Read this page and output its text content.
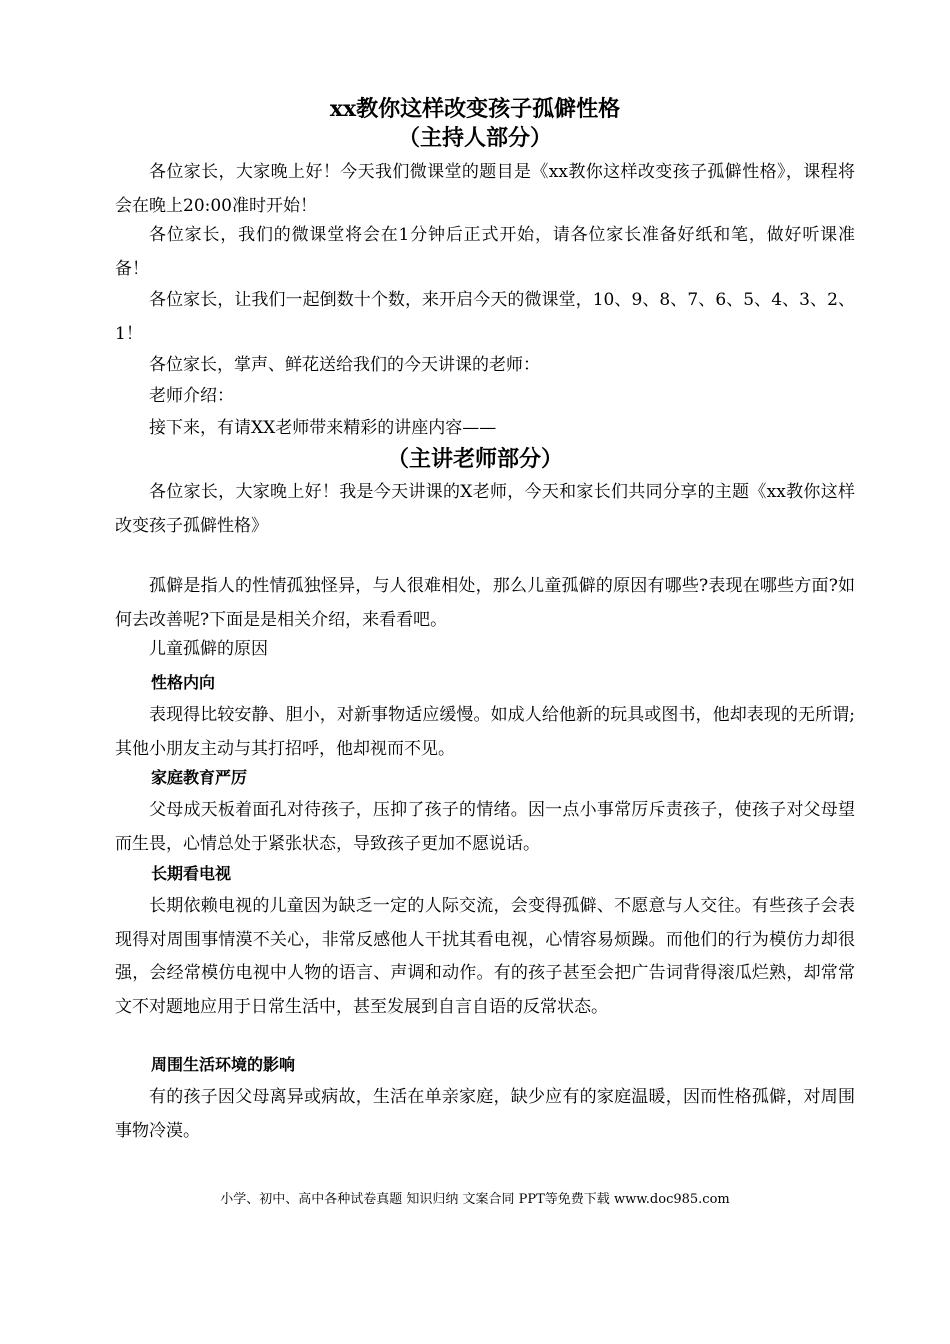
xx教你这样改变孩子孤僻性格
（主持人部分）

各位家长，大家晚上好！今天我们微课堂的题目是《xx教你这样改变孩子孤僻性格》，课程将会在晚上20:00准时开始！

各位家长，我们的微课堂将会在1分钟后正式开始，请各位家长准备好纸和笔，做好听课准备！

各位家长，让我们一起倒数十个数，来开启今天的微课堂，10、9、8、7、6、5、4、3、2、1！

各位家长，掌声、鲜花送给我们的今天讲课的老师：

老师介绍：

接下来，有请XX老师带来精彩的讲座内容——

（主讲老师部分）

各位家长，大家晚上好！我是今天讲课的X老师，今天和家长们共同分享的主题《xx教你这样改变孩子孤僻性格》

孤僻是指人的性情孤独怪异，与人很难相处，那么儿童孤僻的原因有哪些?表现在哪些方面?如何去改善呢?下面是是相关介绍，来看看吧。

儿童孤僻的原因

性格内向

表现得比较安静、胆小，对新事物适应缓慢。如成人给他新的玩具或图书，他却表现的无所谓;其他小朋友主动与其打招呼，他却视而不见。

家庭教育严厉

父母成天板着面孔对待孩子，压抑了孩子的情绪。因一点小事常厉斥责孩子，使孩子对父母望而生畏，心情总处于紧张状态，导致孩子更加不愿说话。

长期看电视

长期依赖电视的儿童因为缺乏一定的人际交流，会变得孤僻、不愿意与人交往。有些孩子会表现得对周围事情漠不关心，非常反感他人干扰其看电视，心情容易烦躁。而他们的行为模仿力却很强，会经常模仿电视中人物的语言、声调和动作。有的孩子甚至会把广告词背得滚瓜烂熟，却常常文不对题地应用于日常生活中，甚至发展到自言自语的反常状态。

周围生活环境的影响

有的孩子因父母离异或病故，生活在单亲家庭，缺少应有的家庭温暖，因而性格孤僻，对周围事物冷漠。

小学、初中、高中各种试卷真题 知识归纳 文案合同 PPT等免费下载 www.doc985.com
